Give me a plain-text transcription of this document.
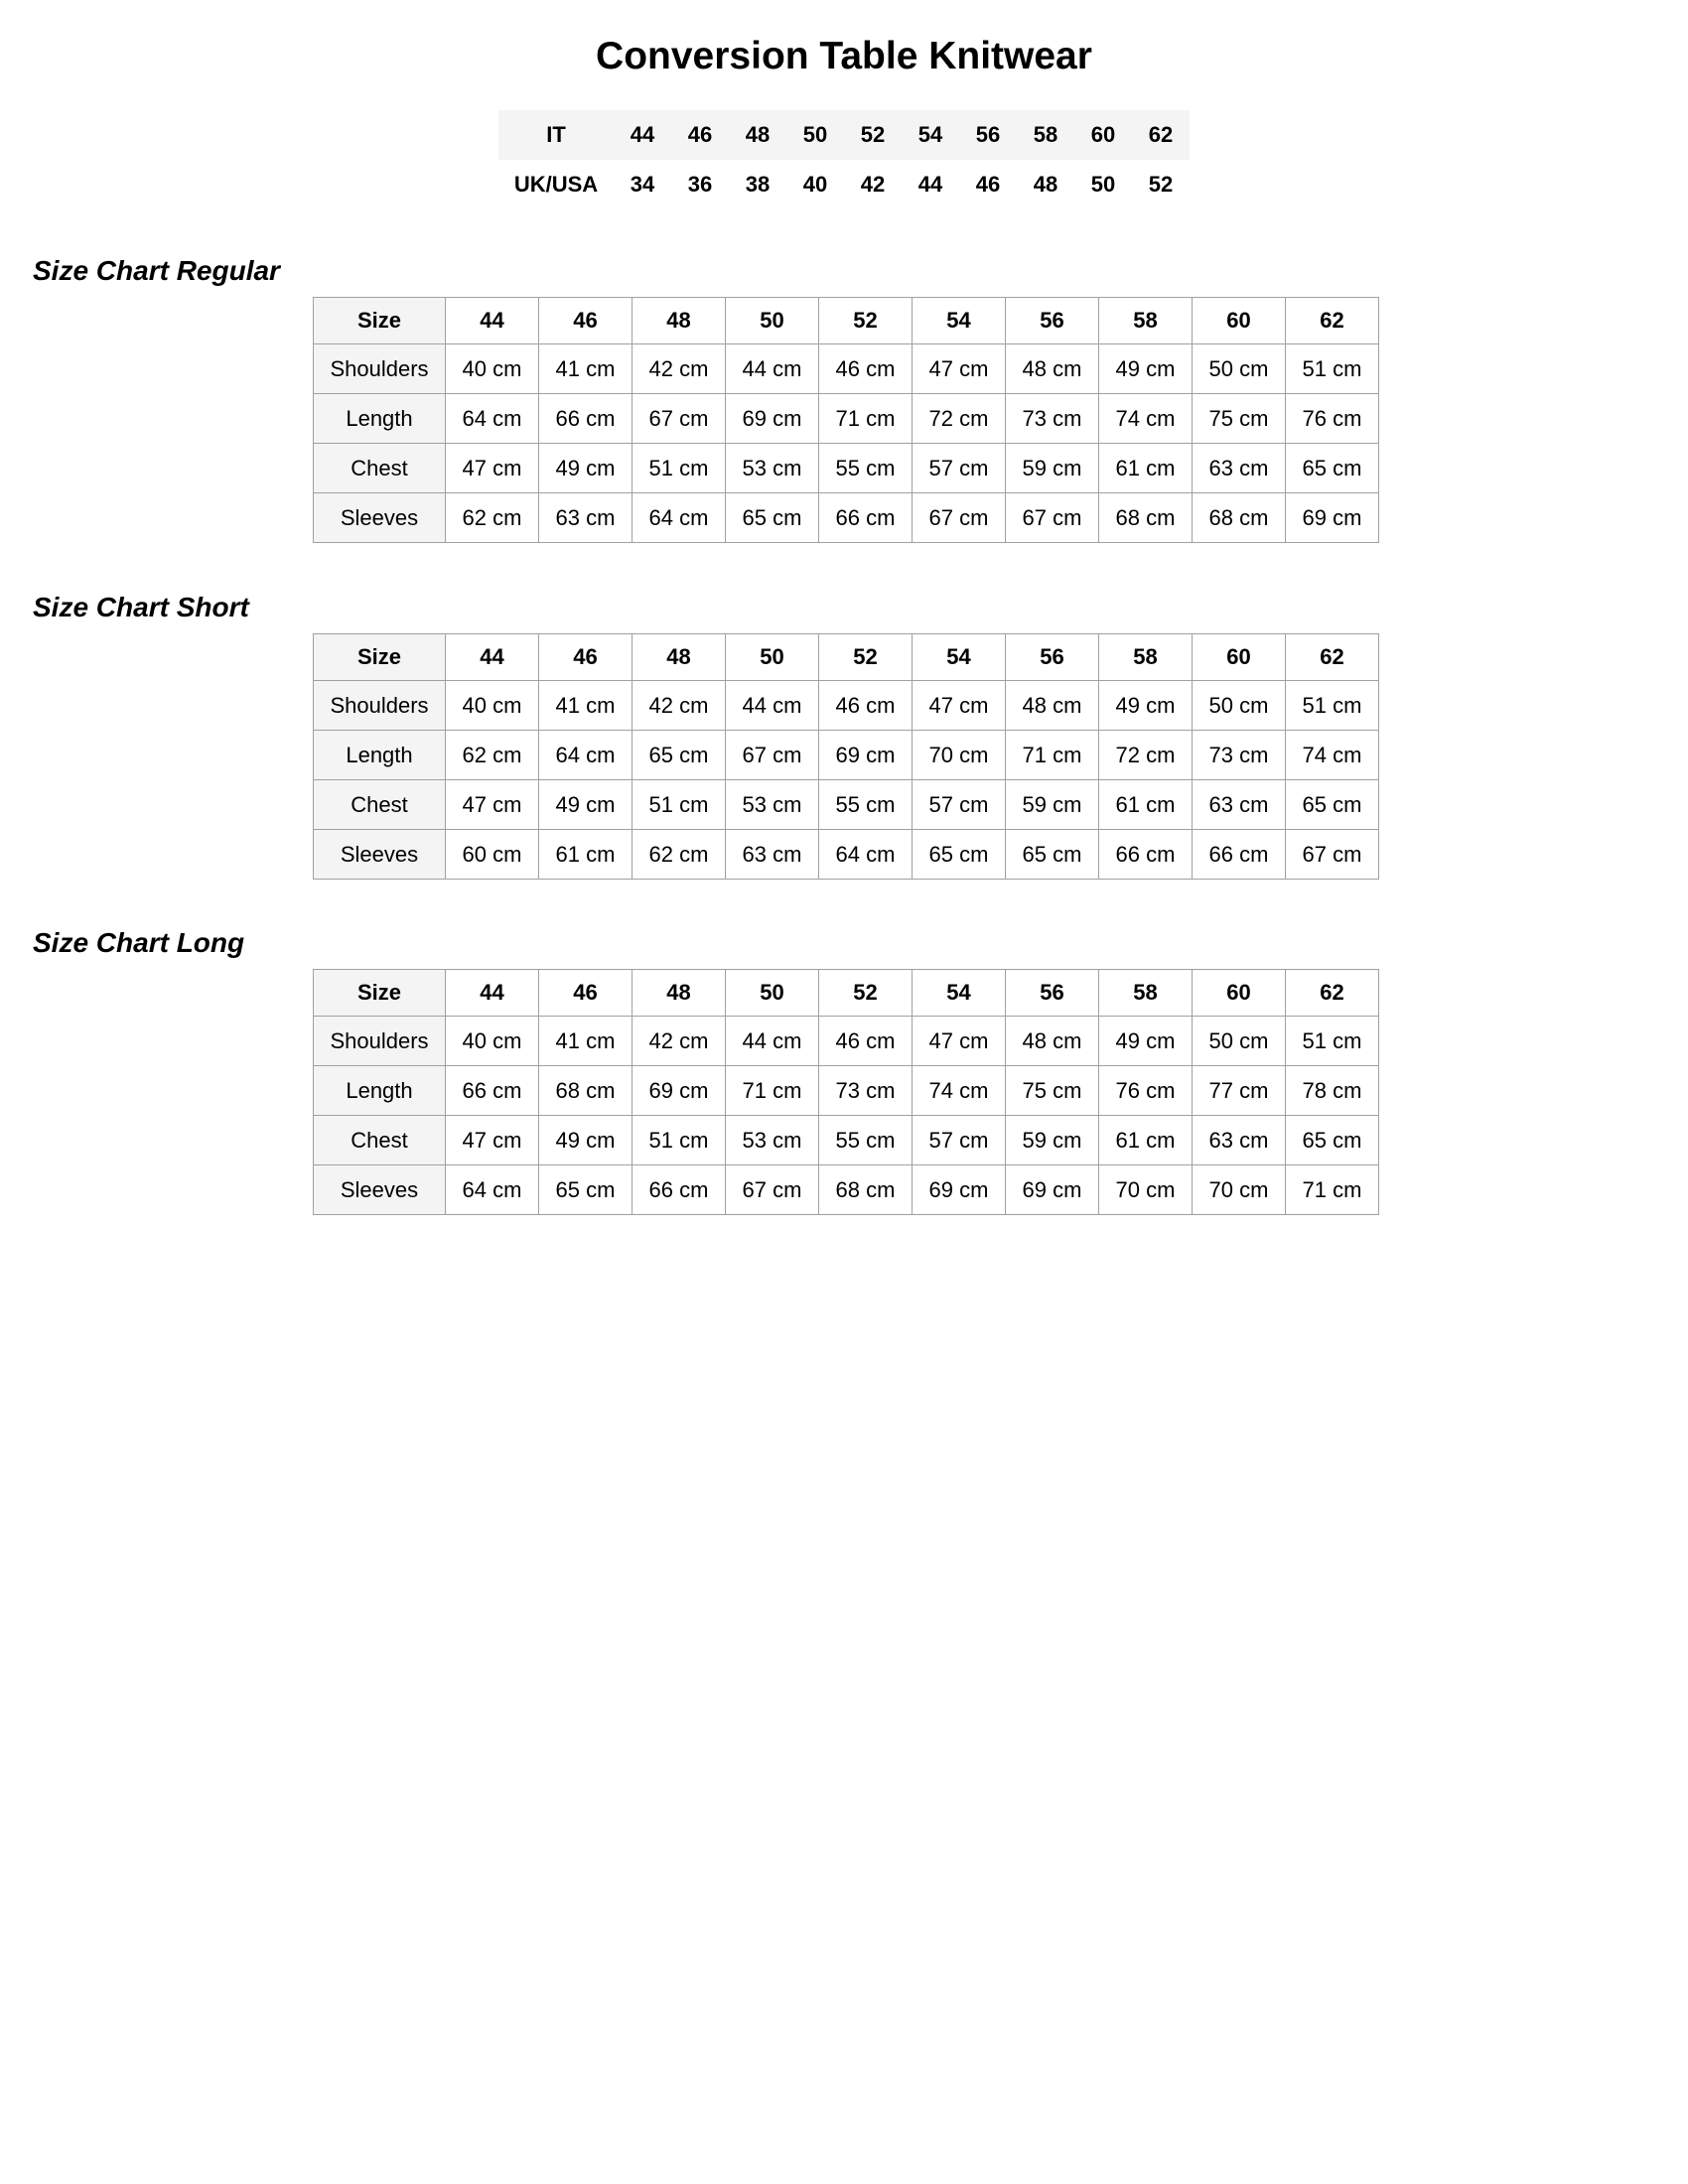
Conversion Table Knitwear
IT	44	46	48	50	52	54	56	58	60	62
UK/USA	34	36	38	40	42	44	46	48	50	52
Size Chart Regular
Size	44	46	48	50	52	54	56	58	60	62
Shoulders	40 cm	41 cm	42 cm	44 cm	46 cm	47 cm	48 cm	49 cm	50 cm	51 cm
Length	64 cm	66 cm	67 cm	69 cm	71 cm	72 cm	73 cm	74 cm	75 cm	76 cm
Chest	47 cm	49 cm	51 cm	53 cm	55 cm	57 cm	59 cm	61 cm	63 cm	65 cm
Sleeves	62 cm	63 cm	64 cm	65 cm	66 cm	67 cm	67 cm	68 cm	68 cm	69 cm
Size Chart Short
Size	44	46	48	50	52	54	56	58	60	62
Shoulders	40 cm	41 cm	42 cm	44 cm	46 cm	47 cm	48 cm	49 cm	50 cm	51 cm
Length	62 cm	64 cm	65 cm	67 cm	69 cm	70 cm	71 cm	72 cm	73 cm	74 cm
Chest	47 cm	49 cm	51 cm	53 cm	55 cm	57 cm	59 cm	61 cm	63 cm	65 cm
Sleeves	60 cm	61 cm	62 cm	63 cm	64 cm	65 cm	65 cm	66 cm	66 cm	67 cm
Size Chart Long
Size	44	46	48	50	52	54	56	58	60	62
Shoulders	40 cm	41 cm	42 cm	44 cm	46 cm	47 cm	48 cm	49 cm	50 cm	51 cm
Length	66 cm	68 cm	69 cm	71 cm	73 cm	74 cm	75 cm	76 cm	77 cm	78 cm
Chest	47 cm	49 cm	51 cm	53 cm	55 cm	57 cm	59 cm	61 cm	63 cm	65 cm
Sleeves	64 cm	65 cm	66 cm	67 cm	68 cm	69 cm	69 cm	70 cm	70 cm	71 cm
